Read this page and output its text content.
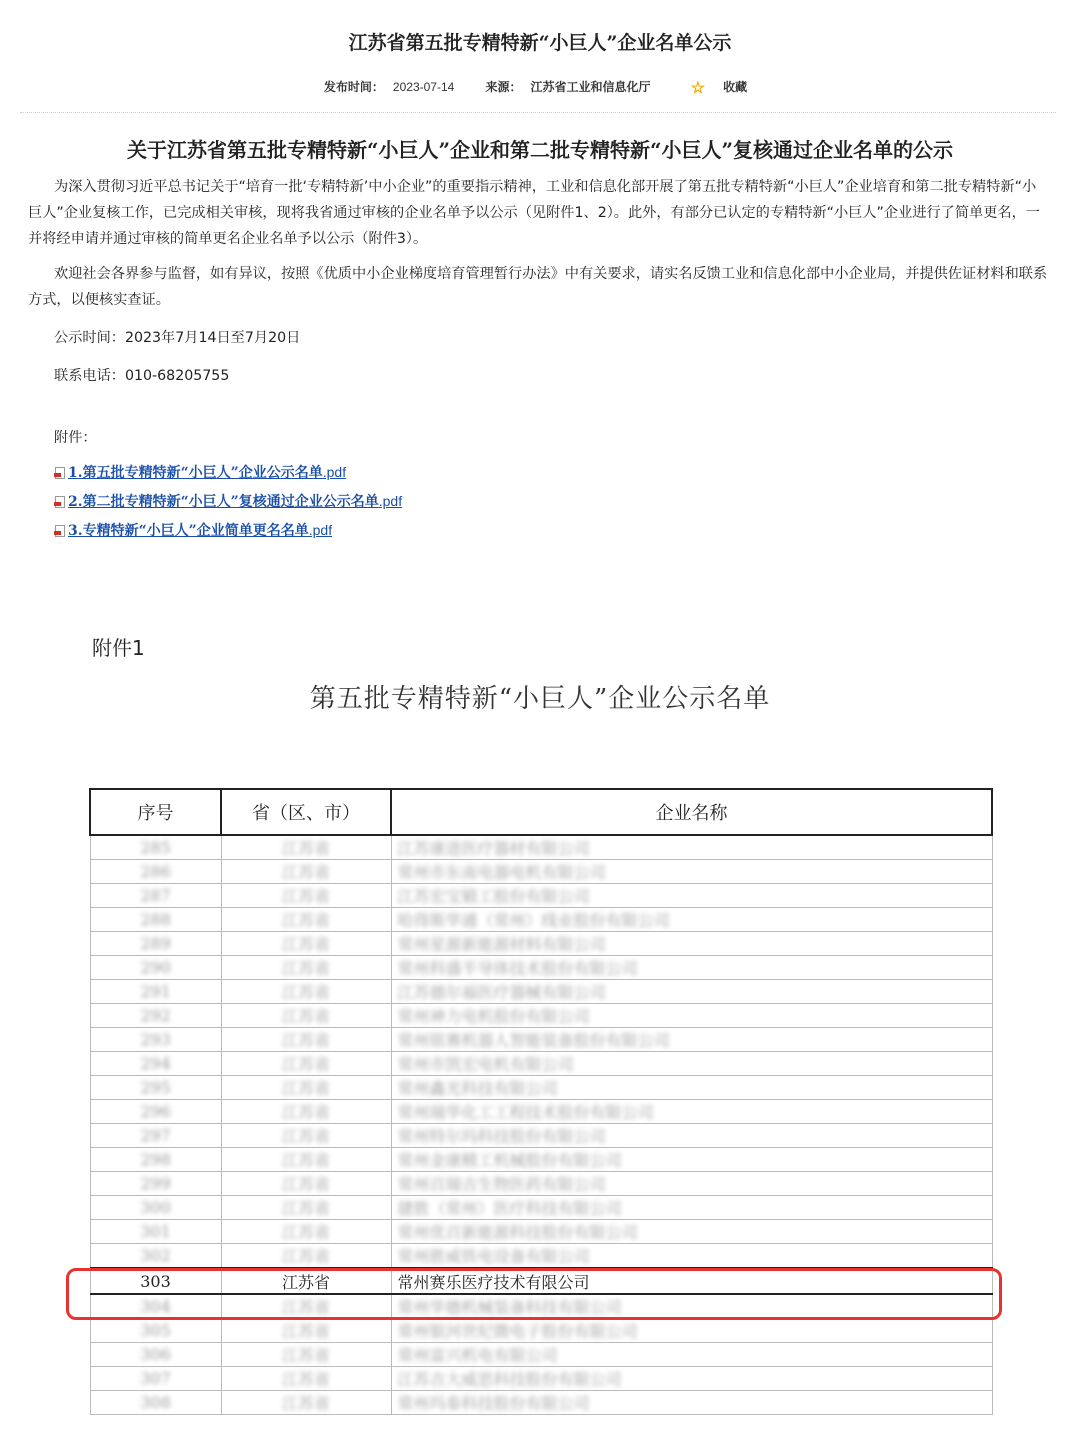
江苏省第五批专精特新“小巨人”企业名单公示
发布时间： 2023-07-14	来源： 江苏省工业和信息化厅	☆ 收藏
关于江苏省第五批专精特新“小巨人”企业和第二批专精特新“小巨人”复核通过企业名单的公示

为深入贯彻习近平总书记关于“培育一批‘专精特新’中小企业”的重要指示精神，工业和信息化部开展了第五批专精特新“小巨人”企业培育和第二批专精特新“小巨人”企业复核工作，已完成相关审核，现将我省通过审核的企业名单予以公示（见附件1、2）。此外，有部分已认定的专精特新“小巨人”企业进行了简单更名，一并将经申请并通过审核的简单更名企业名单予以公示（附件3）。

欢迎社会各界参与监督，如有异议，按照《优质中小企业梯度培育管理暂行办法》中有关要求，请实名反馈工业和信息化部中小企业局，并提供佐证材料和联系方式，以便核实查证。

公示时间：2023年7月14日至7月20日
联系电话：010-68205755
附件：
1.第五批专精特新“小巨人”企业公示名单.pdf
2.第二批专精特新“小巨人”复核通过企业公示名单.pdf
3.专精特新“小巨人”企业简单更名名单.pdf
附件1
第五批专精特新“小巨人”企业公示名单
序号	省（区、市）	企业名称
285	江苏省	江苏康进医疗器材有限公司
286	江苏省	常州市东南电器电机有限公司
287	江苏省	江苏宏宝锻工股份有限公司
288	江苏省	哈得斯华通（常州）线业股份有限公司
289	江苏省	常州星源新能源材料有限公司
290	江苏省	常州科盛半导体技术股份有限公司
291	江苏省	江苏德尔福医疗器械有限公司
292	江苏省	常州神力电机股份有限公司
293	江苏省	常州铭赛机器人智能装备股份有限公司
294	江苏省	常州市凯宏电机有限公司
295	江苏省	常州鑫光科技有限公司
296	江苏省	常州瑞华化工工程技术股份有限公司
297	江苏省	常州特尔玛科技股份有限公司
298	江苏省	常州金康精工机械股份有限公司
299	江苏省	常州百瑞吉生物医药有限公司
300	江苏省	捷胜（常州）医疗科技有限公司
301	江苏省	常州优百新能源科技股份有限公司
302	江苏省	常州胜威铁电设备有限公司
303	江苏省	常州赛乐医疗技术有限公司
304	江苏省	常州华德机械装备科技有限公司
305	江苏省	常州银河世纪微电子股份有限公司
306	江苏省	常州富兴机电有限公司
307	江苏省	江苏吉大威思科技股份有限公司
308	江苏省	常州玛泰科技股份有限公司
